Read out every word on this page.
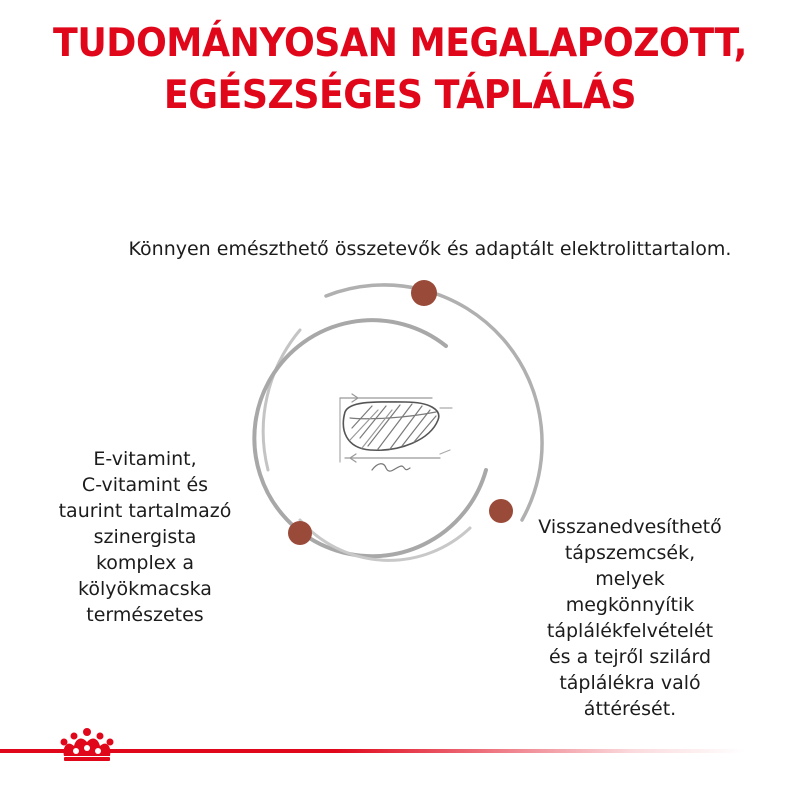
TUDOMÁNYOSAN MEGALAPOZOTT,
EGÉSZSÉGES TÁPLÁLÁS

Könnyen emészthető összetevők és adaptált elektrolittartalom.

E-vitamint,
C-vitamint és
taurint tartalmazó
szinergista
komplex a
kölyökmacska
természetes
Visszanedvesíthető
tápszemcsék,
melyek
megkönnyítik
táplálékfelvételét
és a tejről szilárd
táplálékra való
áttérését.
